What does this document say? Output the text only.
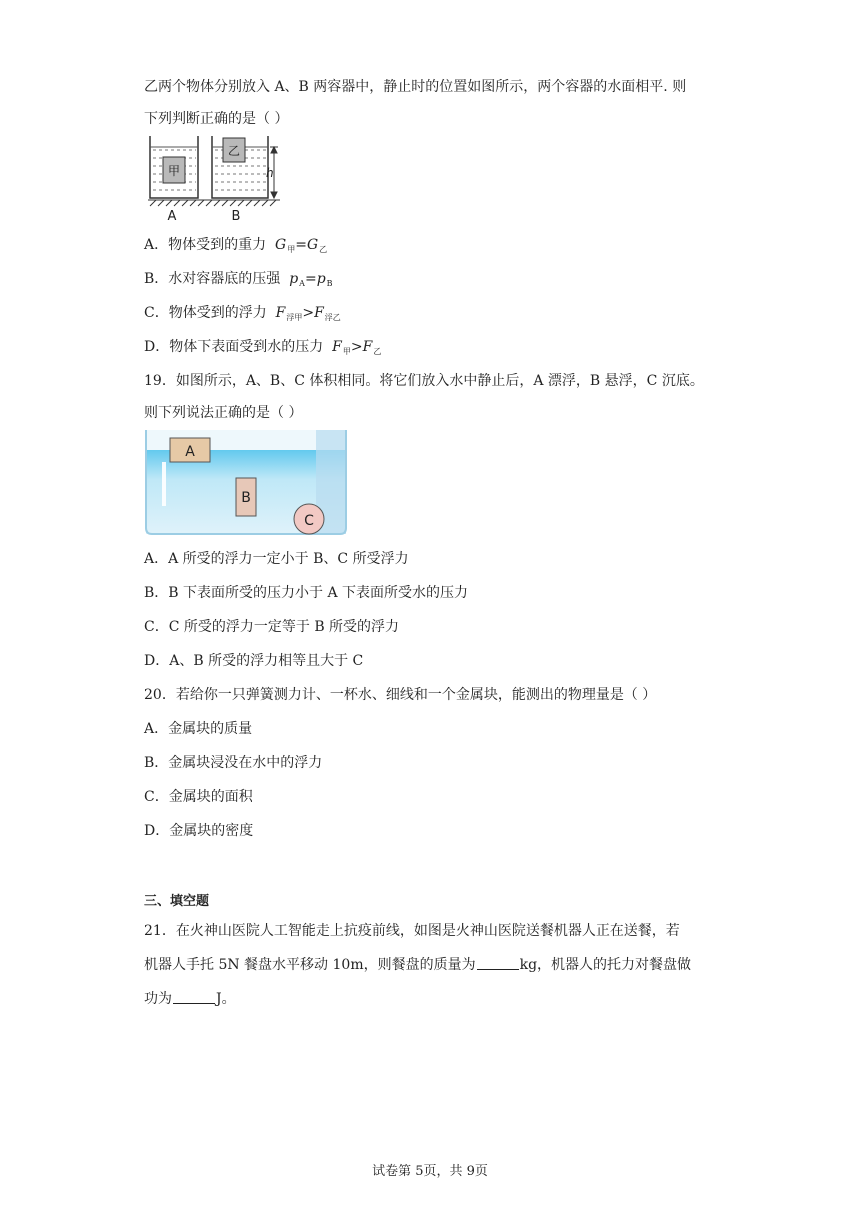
乙两个物体分别放入 A、B 两容器中，静止时的位置如图所示，两个容器的水面相平. 则
下列判断正确的是（ ）
甲
乙
h
A	B
A．物体受到的重力 $G_甲=G_乙$
B．水对容器底的压强 $p_A=p_B$
C．物体受到的浮力 $F_{浮甲}>F_{浮乙}$
D．物体下表面受到水的压力 $F_甲>F_乙$
19．如图所示，A、B、C 体积相同。将它们放入水中静止后，A 漂浮，B 悬浮，C 沉底。
则下列说法正确的是（ ）
A
B
C
A．A 所受的浮力一定小于 B、C 所受浮力
B．B 下表面所受的压力小于 A 下表面所受水的压力
C．C 所受的浮力一定等于 B 所受的浮力
D．A、B 所受的浮力相等且大于 C
20．若给你一只弹簧测力计、一杯水、细线和一个金属块，能测出的物理量是（ ）
A．金属块的质量
B．金属块浸没在水中的浮力
C．金属块的面积
D．金属块的密度
三、填空题
21．在火神山医院人工智能走上抗疫前线，如图是火神山医院送餐机器人正在送餐，若
机器人手托 5N 餐盘水平移动 10m，则餐盘的质量为	kg，机器人的托力对餐盘做
功为	J。
试卷第 5页，共 9页
